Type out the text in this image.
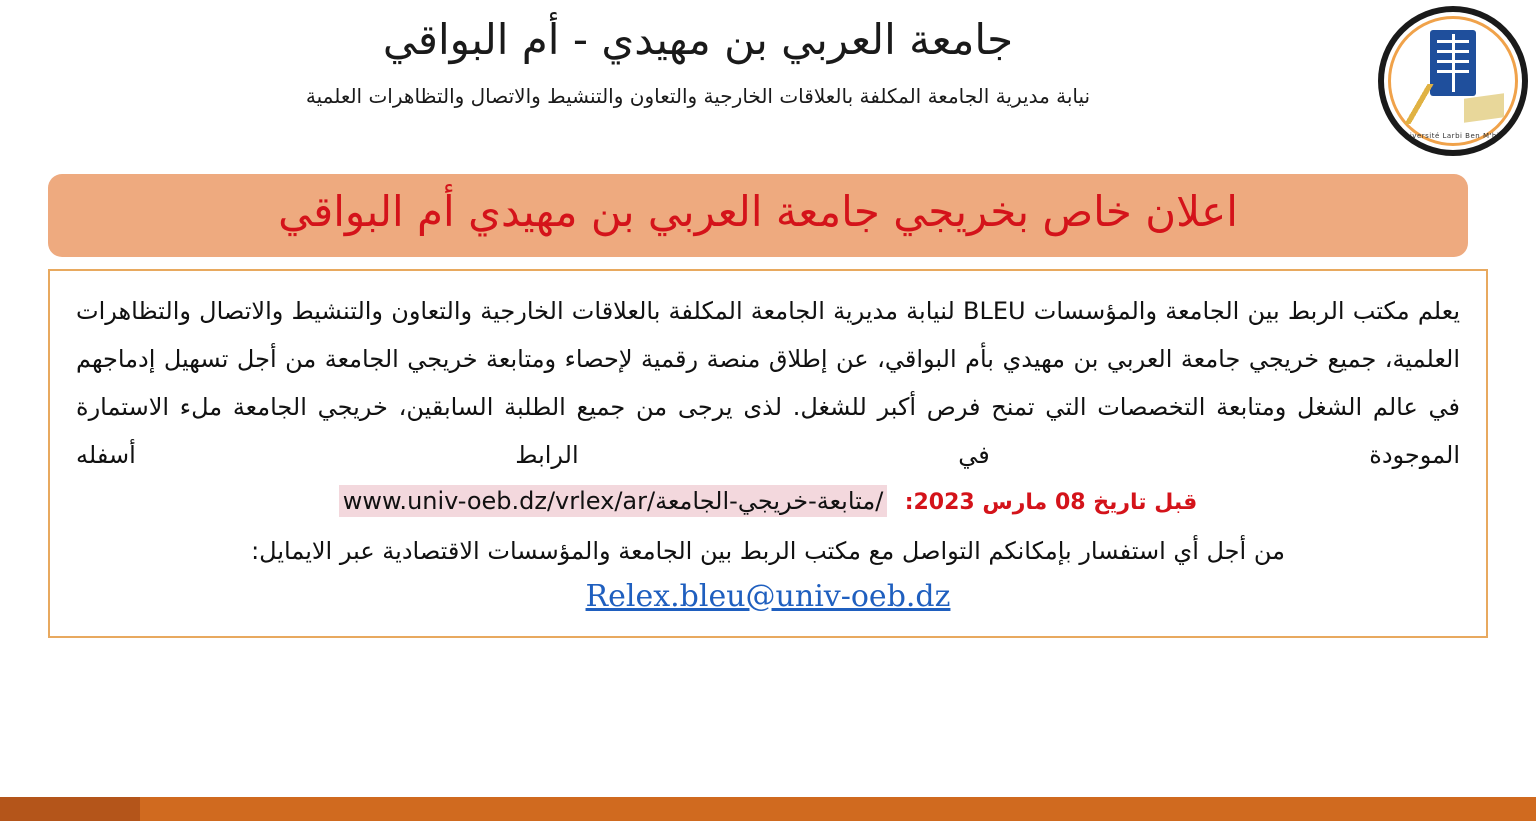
Université Larbi Ben M'hidi
جامعة العربي بن مهيدي - أم البواقي
نيابة مديرية الجامعة المكلفة بالعلاقات الخارجية والتعاون والتنشيط والاتصال والتظاهرات العلمية
اعلان خاص بخريجي جامعة العربي بن مهيدي أم البواقي
يعلم مكتب الربط بين الجامعة والمؤسسات BLEU لنيابة مديرية الجامعة المكلفة بالعلاقات الخارجية والتعاون والتنشيط والاتصال والتظاهرات العلمية، جميع خريجي جامعة العربي بن مهيدي بأم البواقي، عن إطلاق منصة رقمية لإحصاء ومتابعة خريجي الجامعة من أجل تسهيل إدماجهم في عالم الشغل ومتابعة التخصصات التي تمنح فرص أكبر للشغل. لذى يرجى من جميع الطلبة السابقين، خريجي الجامعة ملء الاستمارة الموجودة في الرابط أسفله
قبل تاريخ 08 مارس 2023: www.univ-oeb.dz/vrlex/ar/متابعة-خريجي-الجامعة/
من أجل أي استفسار بإمكانكم التواصل مع مكتب الربط بين الجامعة والمؤسسات الاقتصادية عبر الايمايل:
Relex.bleu@univ-oeb.dz
